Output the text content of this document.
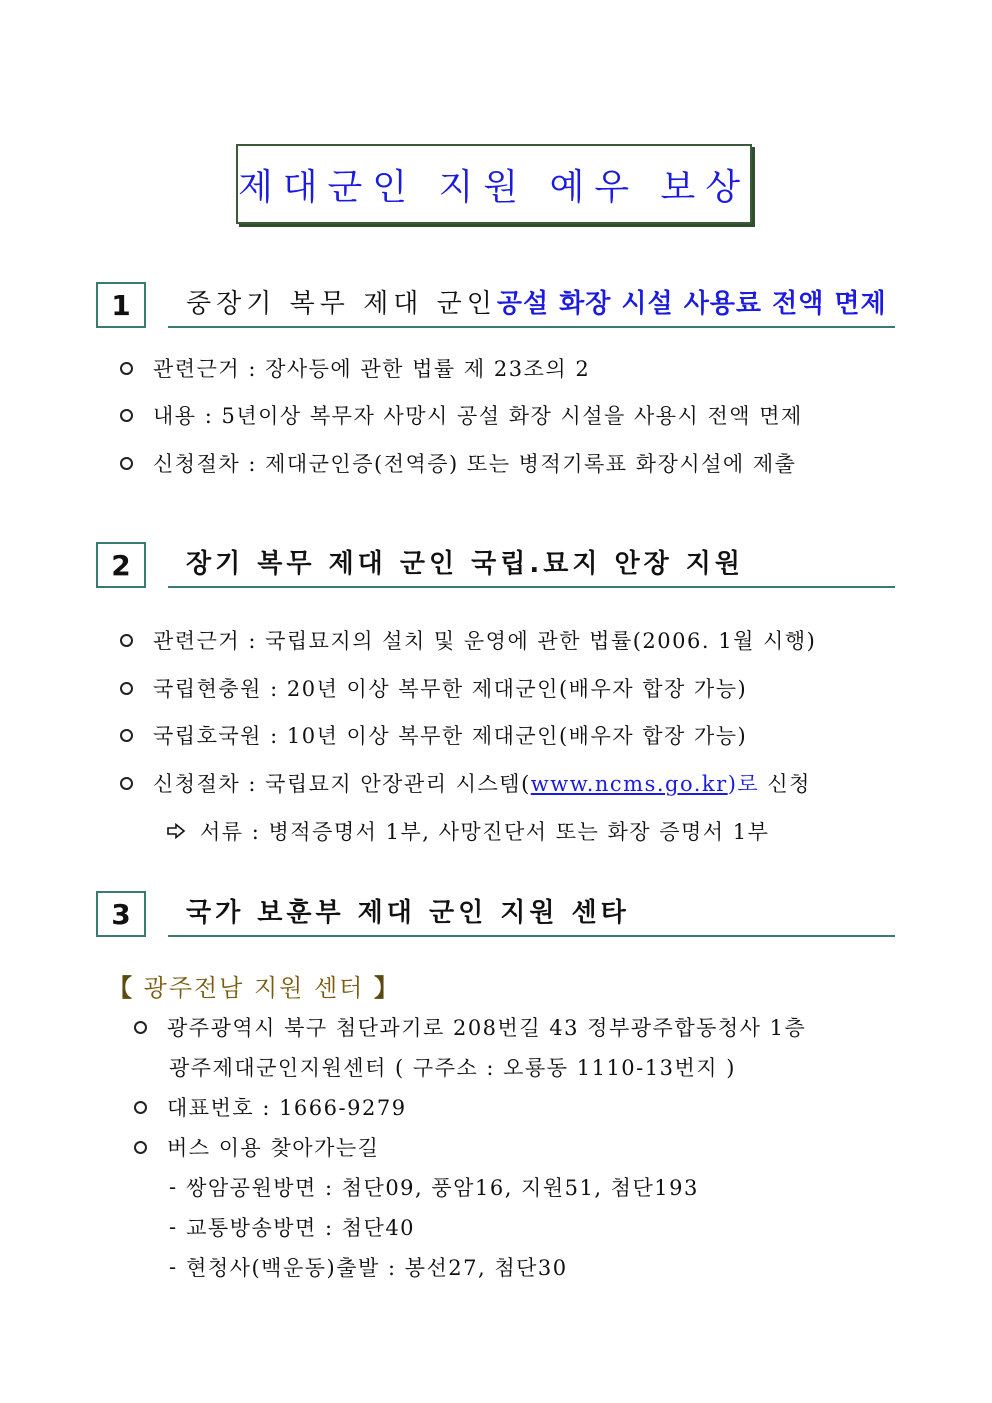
제대군인 지원 예우 보상
1	중장기 복무 제대 군인 공설 화장 시설 사용료 전액 면제
관련근거 : 장사등에 관한 법률 제 23조의 2
내용 : 5년이상 복무자 사망시 공설 화장 시설을 사용시 전액 면제
신청절차 : 제대군인증(전역증) 또는 병적기록표 화장시설에 제출
2	장기 복무 제대 군인 국립.묘지 안장 지원
관련근거 : 국립묘지의 설치 및 운영에 관한 법률(2006. 1월 시행)
국립현충원 : 20년 이상 복무한 제대군인(배우자 합장 가능)
국립호국원 : 10년 이상 복무한 제대군인(배우자 합장 가능)
신청절차 : 국립묘지 안장관리 시스템(www.ncms.go.kr)로 신청
서류 : 병적증명서 1부, 사망진단서 또는 화장 증명서 1부
3	국가 보훈부 제대 군인 지원 센타
【 광주전남 지원 센터 】
광주광역시 북구 첨단과기로 208번길 43 정부광주합동청사 1층
광주제대군인지원센터 ( 구주소 : 오룡동 1110-13번지 )
대표번호 : 1666-9279
버스 이용 찾아가는길
- 쌍암공원방면 : 첨단09, 풍암16, 지원51, 첨단193
- 교통방송방면 : 첨단40
- 현청사(백운동)출발 : 봉선27, 첨단30
